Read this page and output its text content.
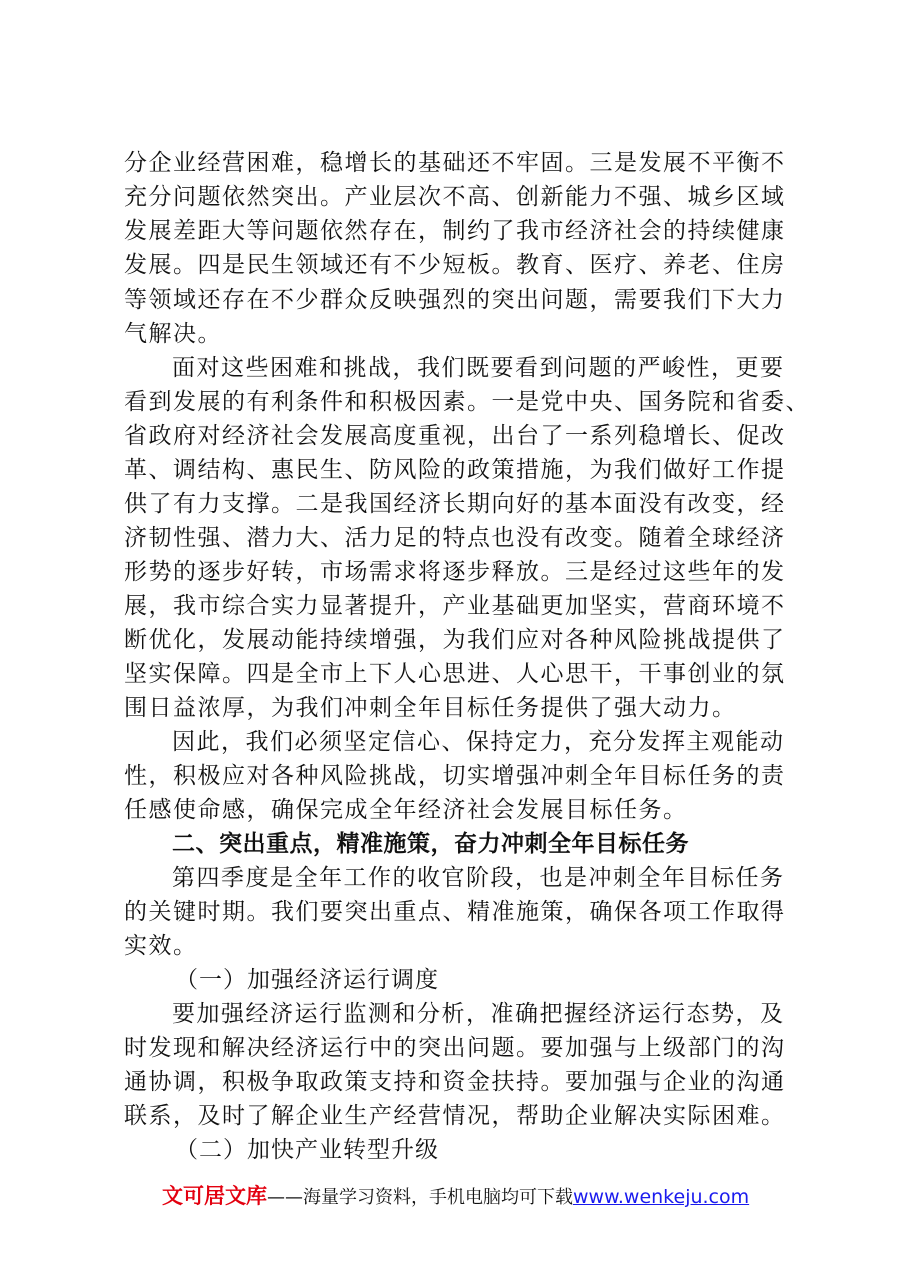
分企业经营困难，稳增长的基础还不牢固。三是发展不平衡不
充分问题依然突出。产业层次不高、创新能力不强、城乡区域
发展差距大等问题依然存在，制约了我市经济社会的持续健康
发展。四是民生领域还有不少短板。教育、医疗、养老、住房
等领域还存在不少群众反映强烈的突出问题，需要我们下大力
气解决。
面对这些困难和挑战，我们既要看到问题的严峻性，更要
看到发展的有利条件和积极因素。一是党中央、国务院和省委、
省政府对经济社会发展高度重视，出台了一系列稳增长、促改
革、调结构、惠民生、防风险的政策措施，为我们做好工作提
供了有力支撑。二是我国经济长期向好的基本面没有改变，经
济韧性强、潜力大、活力足的特点也没有改变。随着全球经济
形势的逐步好转，市场需求将逐步释放。三是经过这些年的发
展，我市综合实力显著提升，产业基础更加坚实，营商环境不
断优化，发展动能持续增强，为我们应对各种风险挑战提供了
坚实保障。四是全市上下人心思进、人心思干，干事创业的氛
围日益浓厚，为我们冲刺全年目标任务提供了强大动力。
因此，我们必须坚定信心、保持定力，充分发挥主观能动
性，积极应对各种风险挑战，切实增强冲刺全年目标任务的责
任感使命感，确保完成全年经济社会发展目标任务。
二、突出重点，精准施策，奋力冲刺全年目标任务
第四季度是全年工作的收官阶段，也是冲刺全年目标任务
的关键时期。我们要突出重点、精准施策，确保各项工作取得
实效。
（一）加强经济运行调度
要加强经济运行监测和分析，准确把握经济运行态势，及
时发现和解决经济运行中的突出问题。要加强与上级部门的沟
通协调，积极争取政策支持和资金扶持。要加强与企业的沟通
联系，及时了解企业生产经营情况，帮助企业解决实际困难。
（二）加快产业转型升级
文可居文库——海量学习资料，手机电脑均可下载www.wenkeju.com
